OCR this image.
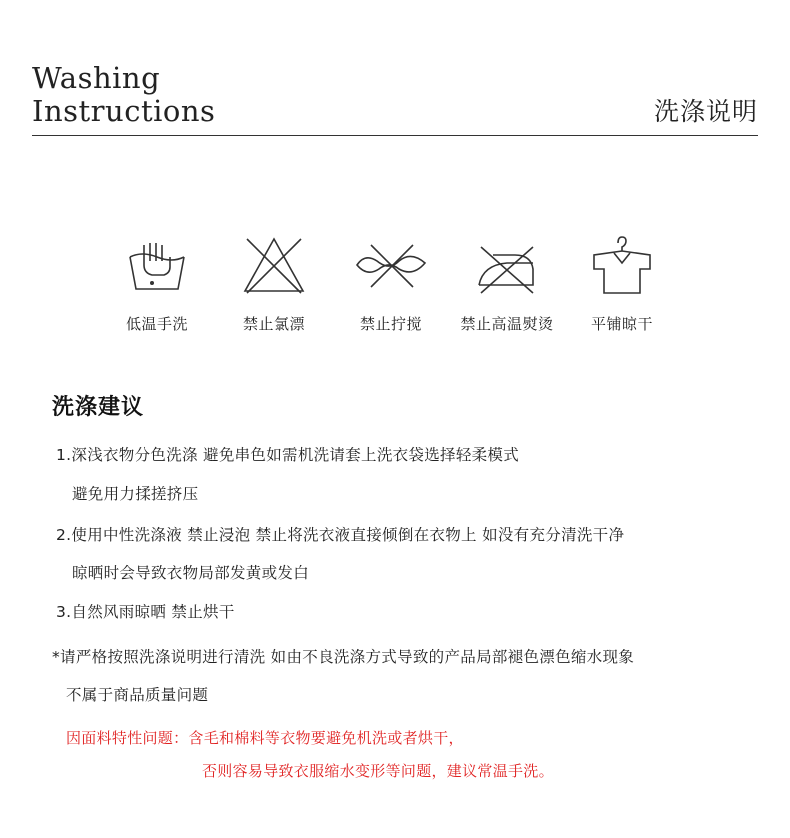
Washing
Instructions	洗涤说明
低温手洗	禁止氯漂	禁止拧搅	禁止高温熨烫	平铺晾干
洗涤建议
1.深浅衣物分色洗涤 避免串色如需机洗请套上洗衣袋选择轻柔模式
避免用力揉搓挤压
2.使用中性洗涤液 禁止浸泡 禁止将洗衣液直接倾倒在衣物上 如没有充分清洗干净
晾晒时会导致衣物局部发黄或发白
3.自然风雨晾晒 禁止烘干
*请严格按照洗涤说明进行清洗 如由不良洗涤方式导致的产品局部褪色漂色缩水现象
不属于商品质量问题
因面料特性问题：含毛和棉料等衣物要避免机洗或者烘干，
否则容易导致衣服缩水变形等问题，建议常温手洗。
